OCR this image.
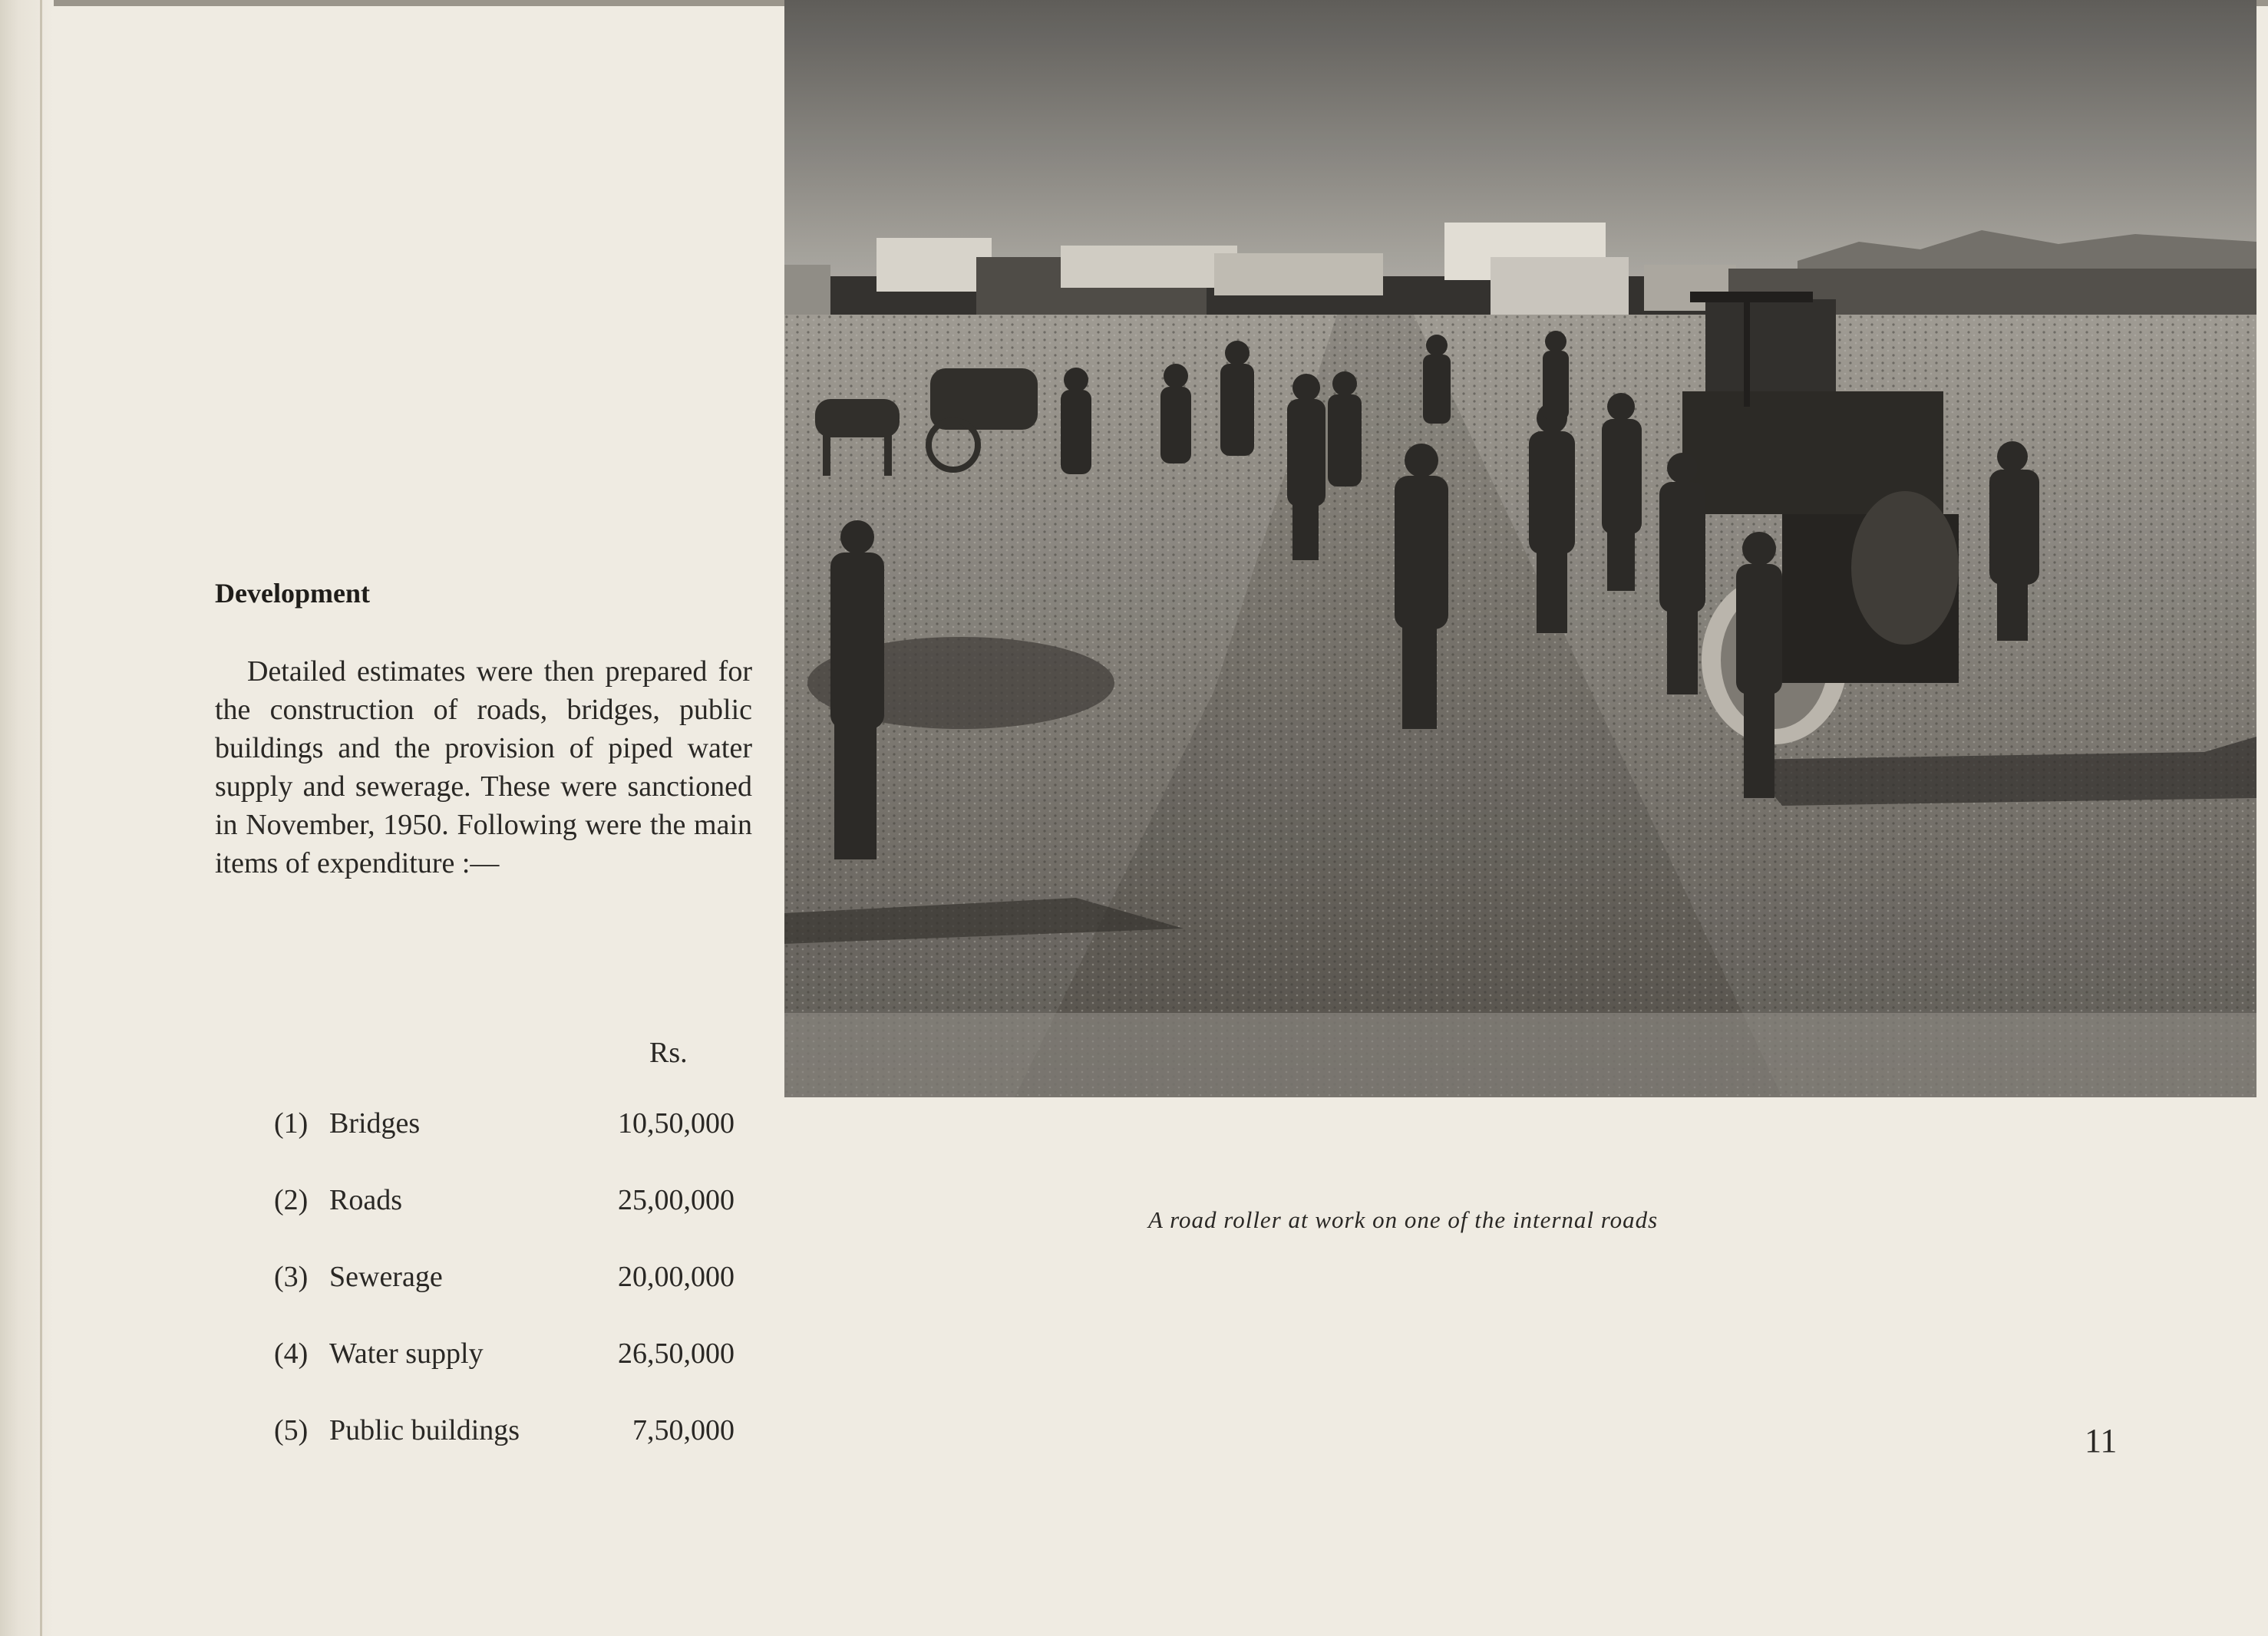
Development
Detailed estimates were then prepared for the construction of roads, bridges, public buildings and the provision of piped water supply and sewerage. These were sanctioned in November, 1950. Following were the main items of expenditure :—
Rs.
(1) Bridges	10,50,000
(2) Roads	25,00,000
(3) Sewerage	20,00,000
(4) Water supply	26,50,000
(5) Public buildings	7,50,000
A road roller at work on one of the internal roads
11
